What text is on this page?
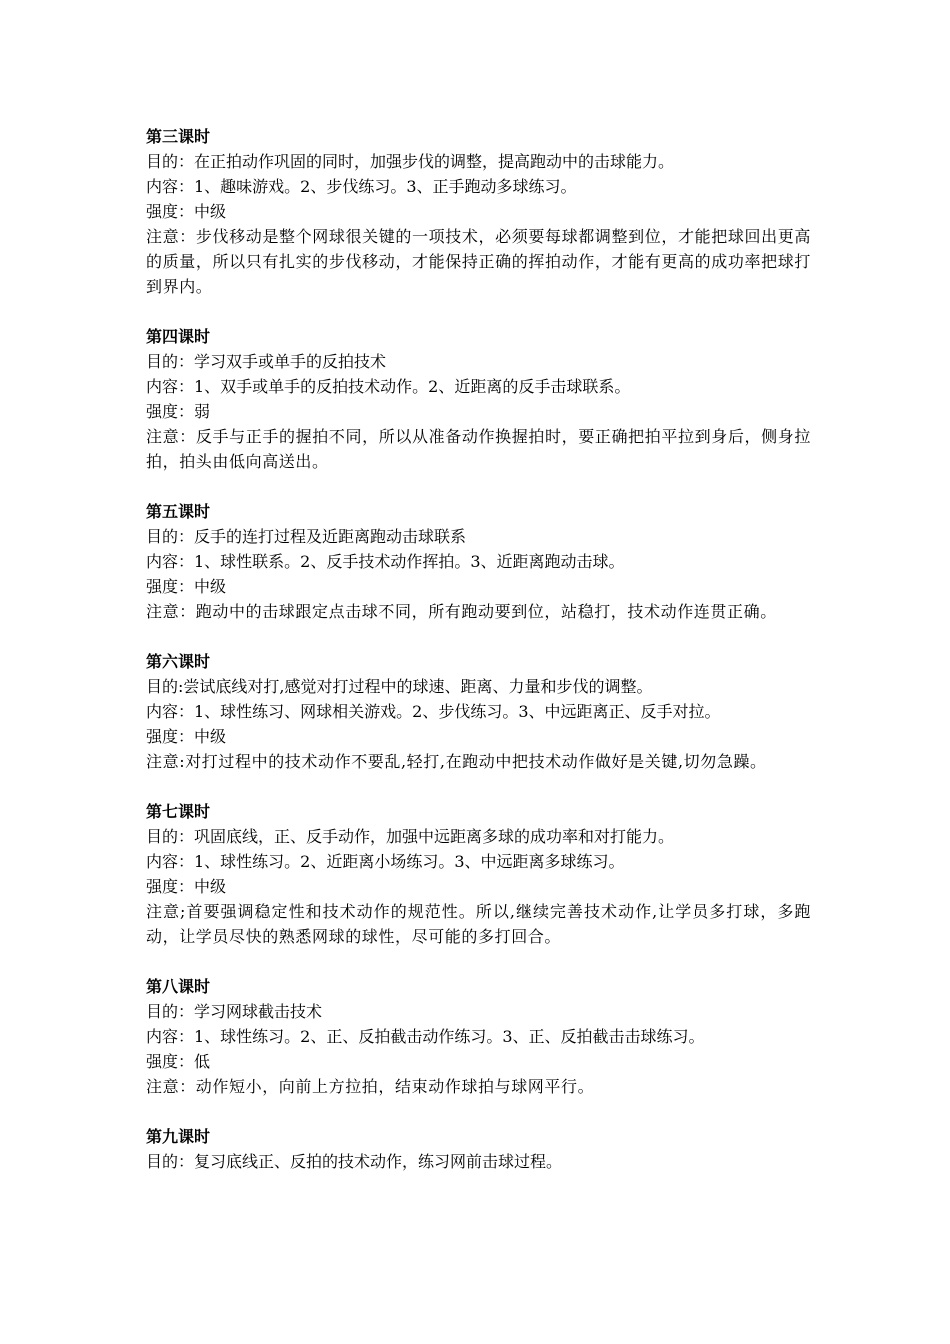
第三课时
目的：在正拍动作巩固的同时，加强步伐的调整，提高跑动中的击球能力。
内容：1、趣味游戏。2、步伐练习。3、正手跑动多球练习。
强度：中级
注意：步伐移动是整个网球很关键的一项技术，必须要每球都调整到位，才能把球回出更高的质量，所以只有扎实的步伐移动，才能保持正确的挥拍动作，才能有更高的成功率把球打到界内。
第四课时
目的：学习双手或单手的反拍技术
内容：1、双手或单手的反拍技术动作。2、近距离的反手击球联系。
强度：弱
注意：反手与正手的握拍不同，所以从准备动作换握拍时，要正确把拍平拉到身后，侧身拉拍，拍头由低向高送出。
第五课时
目的：反手的连打过程及近距离跑动击球联系
内容：1、球性联系。2、反手技术动作挥拍。3、近距离跑动击球。
强度：中级
注意：跑动中的击球跟定点击球不同，所有跑动要到位，站稳打，技术动作连贯正确。
第六课时
目的:尝试底线对打,感觉对打过程中的球速、距离、力量和步伐的调整。
内容：1、球性练习、网球相关游戏。2、步伐练习。3、中远距离正、反手对拉。
强度：中级
注意:对打过程中的技术动作不要乱,轻打,在跑动中把技术动作做好是关键,切勿急躁。
第七课时
目的：巩固底线，正、反手动作，加强中远距离多球的成功率和对打能力。
内容：1、球性练习。2、近距离小场练习。3、中远距离多球练习。
强度：中级
注意;首要强调稳定性和技术动作的规范性。所以,继续完善技术动作,让学员多打球，多跑动，让学员尽快的熟悉网球的球性，尽可能的多打回合。
第八课时
目的：学习网球截击技术
内容：1、球性练习。2、正、反拍截击动作练习。3、正、反拍截击击球练习。
强度：低
注意：动作短小，向前上方拉拍，结束动作球拍与球网平行。
第九课时
目的：复习底线正、反拍的技术动作，练习网前击球过程。
